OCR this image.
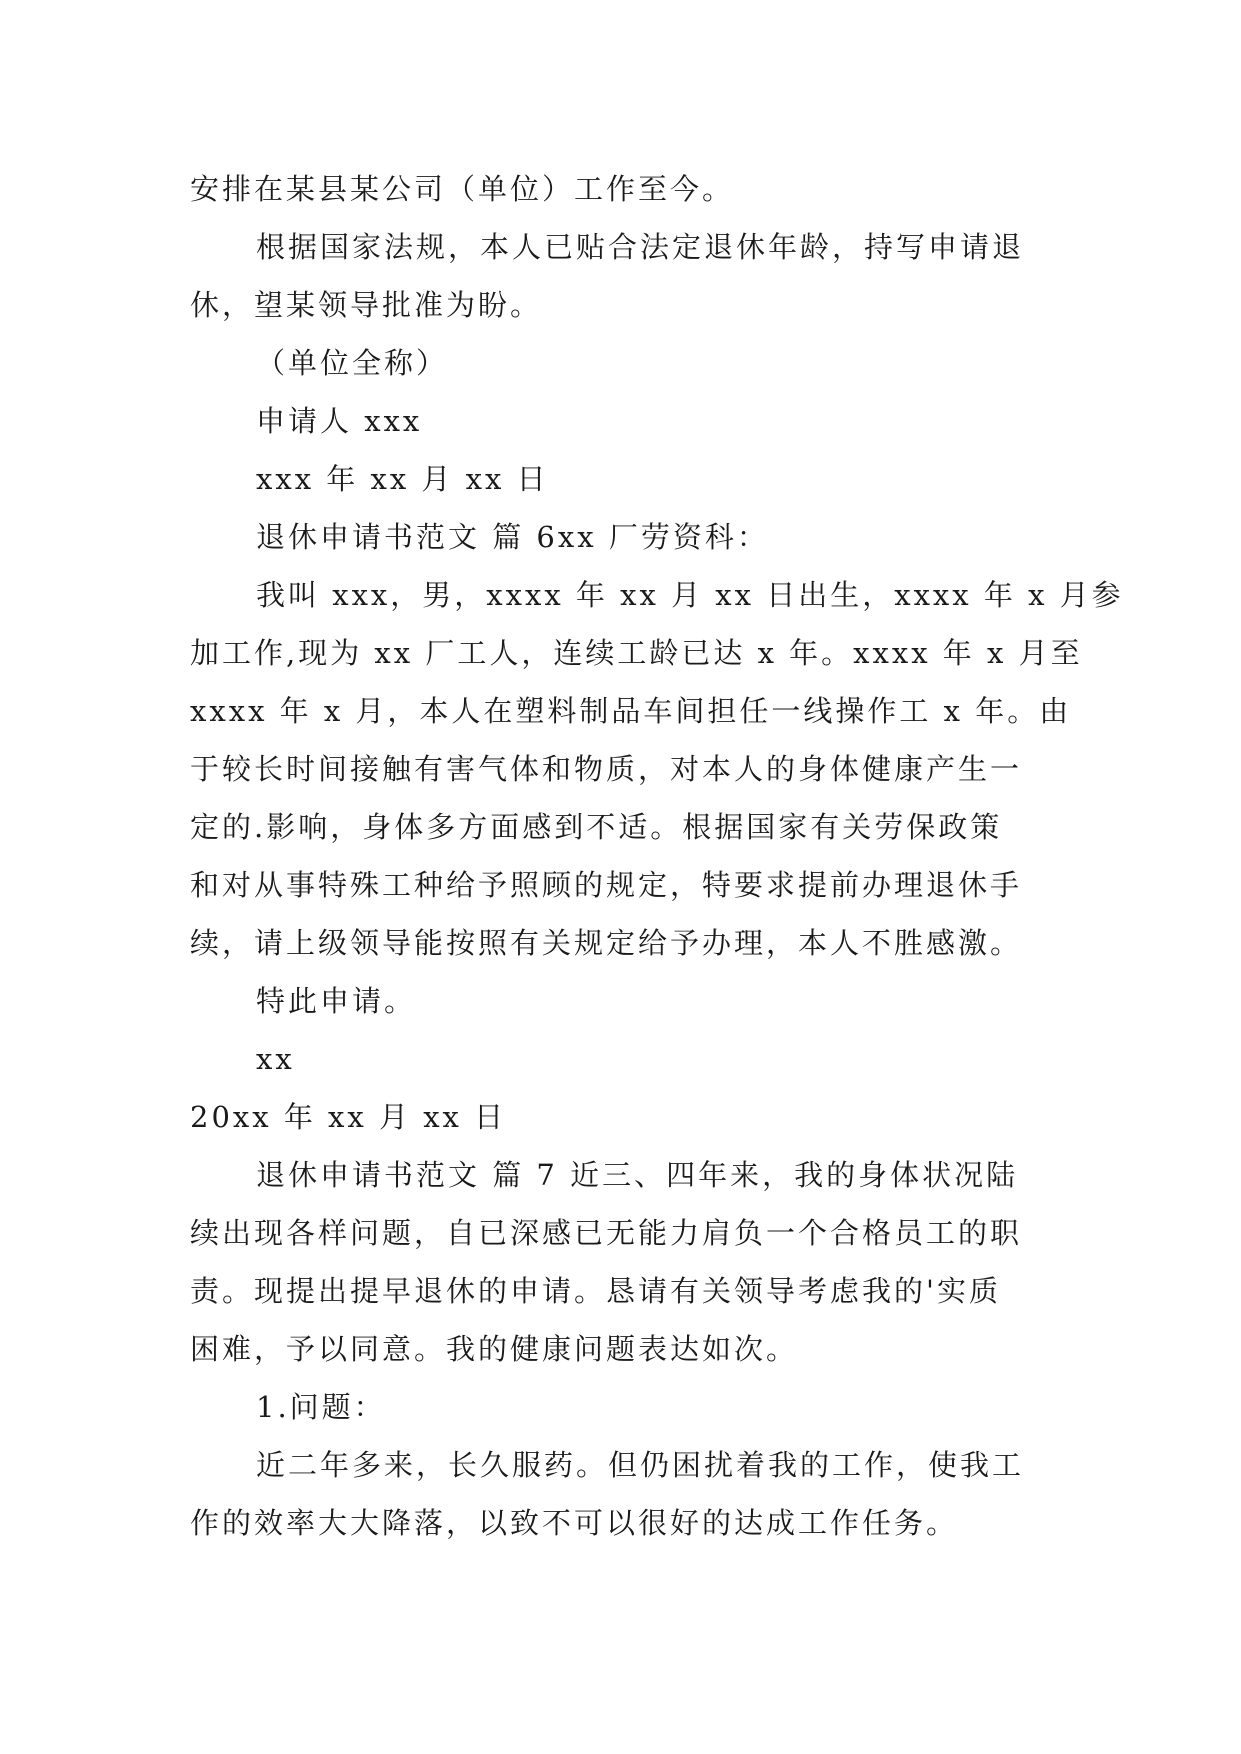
安排在某县某公司（单位）工作至今。
根据国家法规，本人已贴合法定退休年龄，持写申请退
休，望某领导批准为盼。
（单位全称）
申请人 xxx
xxx 年 xx 月 xx 日
退休申请书范文 篇 6xx 厂劳资科：
我叫 xxx，男，xxxx 年 xx 月 xx 日出生，xxxx 年 x 月参
加工作,现为 xx 厂工人，连续工龄已达 x 年。xxxx 年 x 月至
xxxx 年 x 月，本人在塑料制品车间担任一线操作工 x 年。由
于较长时间接触有害气体和物质，对本人的身体健康产生一
定的.影响，身体多方面感到不适。根据国家有关劳保政策
和对从事特殊工种给予照顾的规定，特要求提前办理退休手
续，请上级领导能按照有关规定给予办理，本人不胜感激。
特此申请。
xx
20xx 年 xx 月 xx 日
退休申请书范文 篇 7 近三、四年来，我的身体状况陆
续出现各样问题，自已深感已无能力肩负一个合格员工的职
责。现提出提早退休的申请。恳请有关领导考虑我的'实质
困难，予以同意。我的健康问题表达如次。
1.问题：
近二年多来，长久服药。但仍困扰着我的工作，使我工
作的效率大大降落，以致不可以很好的达成工作任务。
